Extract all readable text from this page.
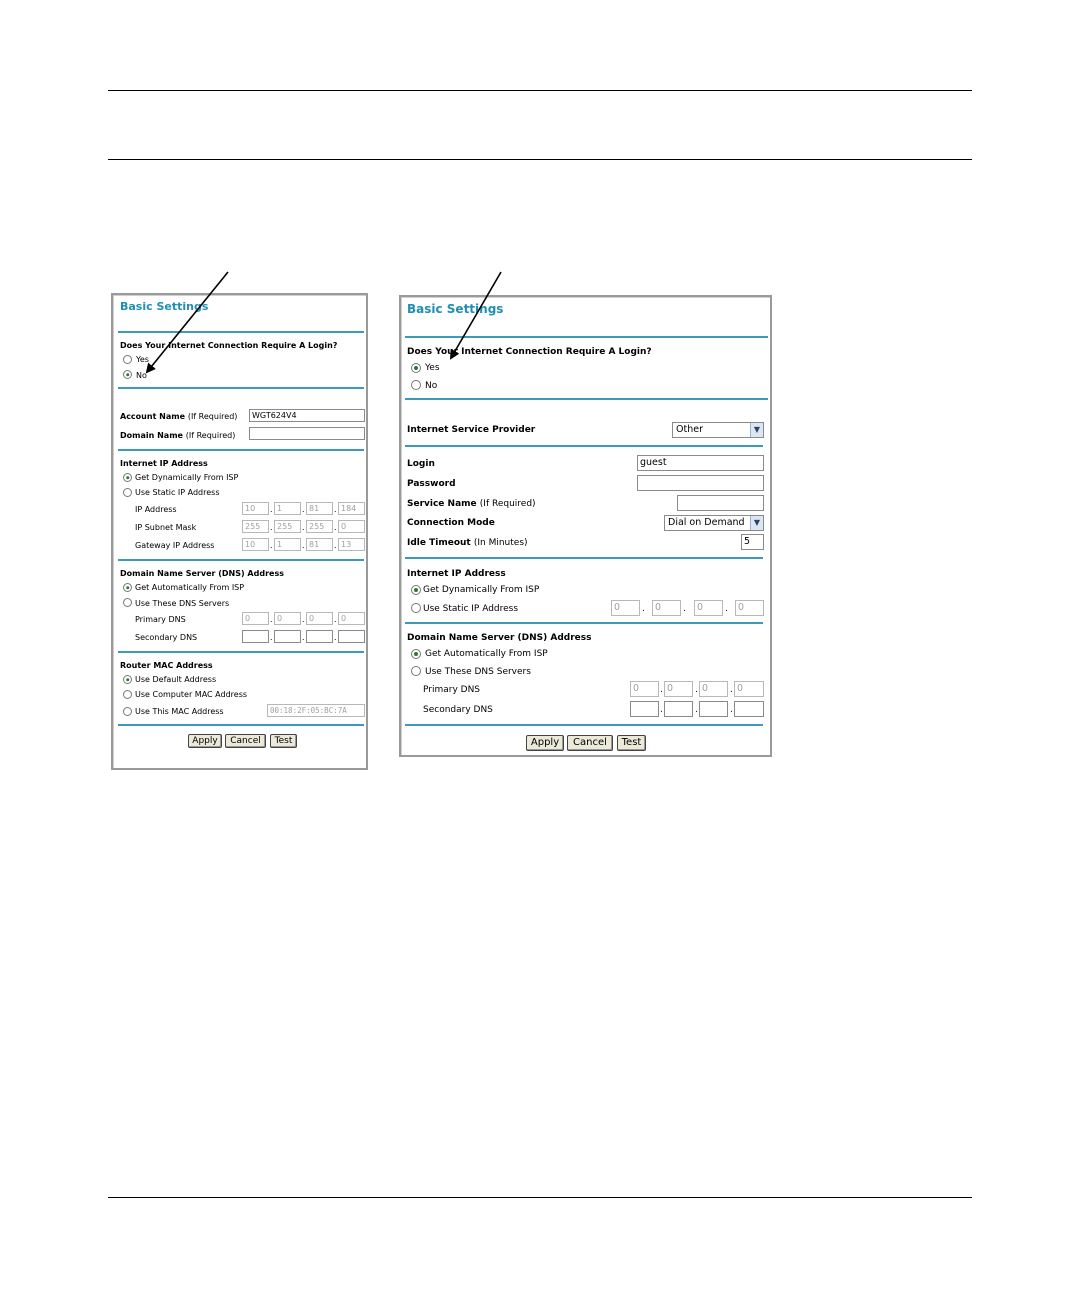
Basic Settings
Does Your Internet Connection Require A Login?
Yes
No
Account Name (If Required)	WGT624V4
Domain Name (If Required)
Internet IP Address
Get Dynamically From ISP
Use Static IP Address
IP Address	10	. 1	. 81	. 184
IP Subnet Mask	255	. 255	. 255	. 0
Gateway IP Address	10	. 1	. 81	. 13
Domain Name Server (DNS) Address
Get Automatically From ISP
Use These DNS Servers
Primary DNS	0	. 0	. 0	. 0
Secondary DNS	.	.	.
Router MAC Address
Use Default Address
Use Computer MAC Address
Use This MAC Address	00:18:2F:05:BC:7A
Apply	Cancel	Test
Basic Settings
Does Your Internet Connection Require A Login?
Yes
No
Internet Service Provider	Other	▼
Login	guest
Password
Service Name (If Required)
Connection Mode	Dial on Demand	▼
Idle Timeout (In Minutes)	5
Internet IP Address
Get Dynamically From ISP
Use Static IP Address	0	.	0	.	0	.	0
Domain Name Server (DNS) Address
Get Automatically From ISP
Use These DNS Servers
Primary DNS	0	. 0	. 0	. 0
Secondary DNS	.	.	.
Apply	Cancel	Test
